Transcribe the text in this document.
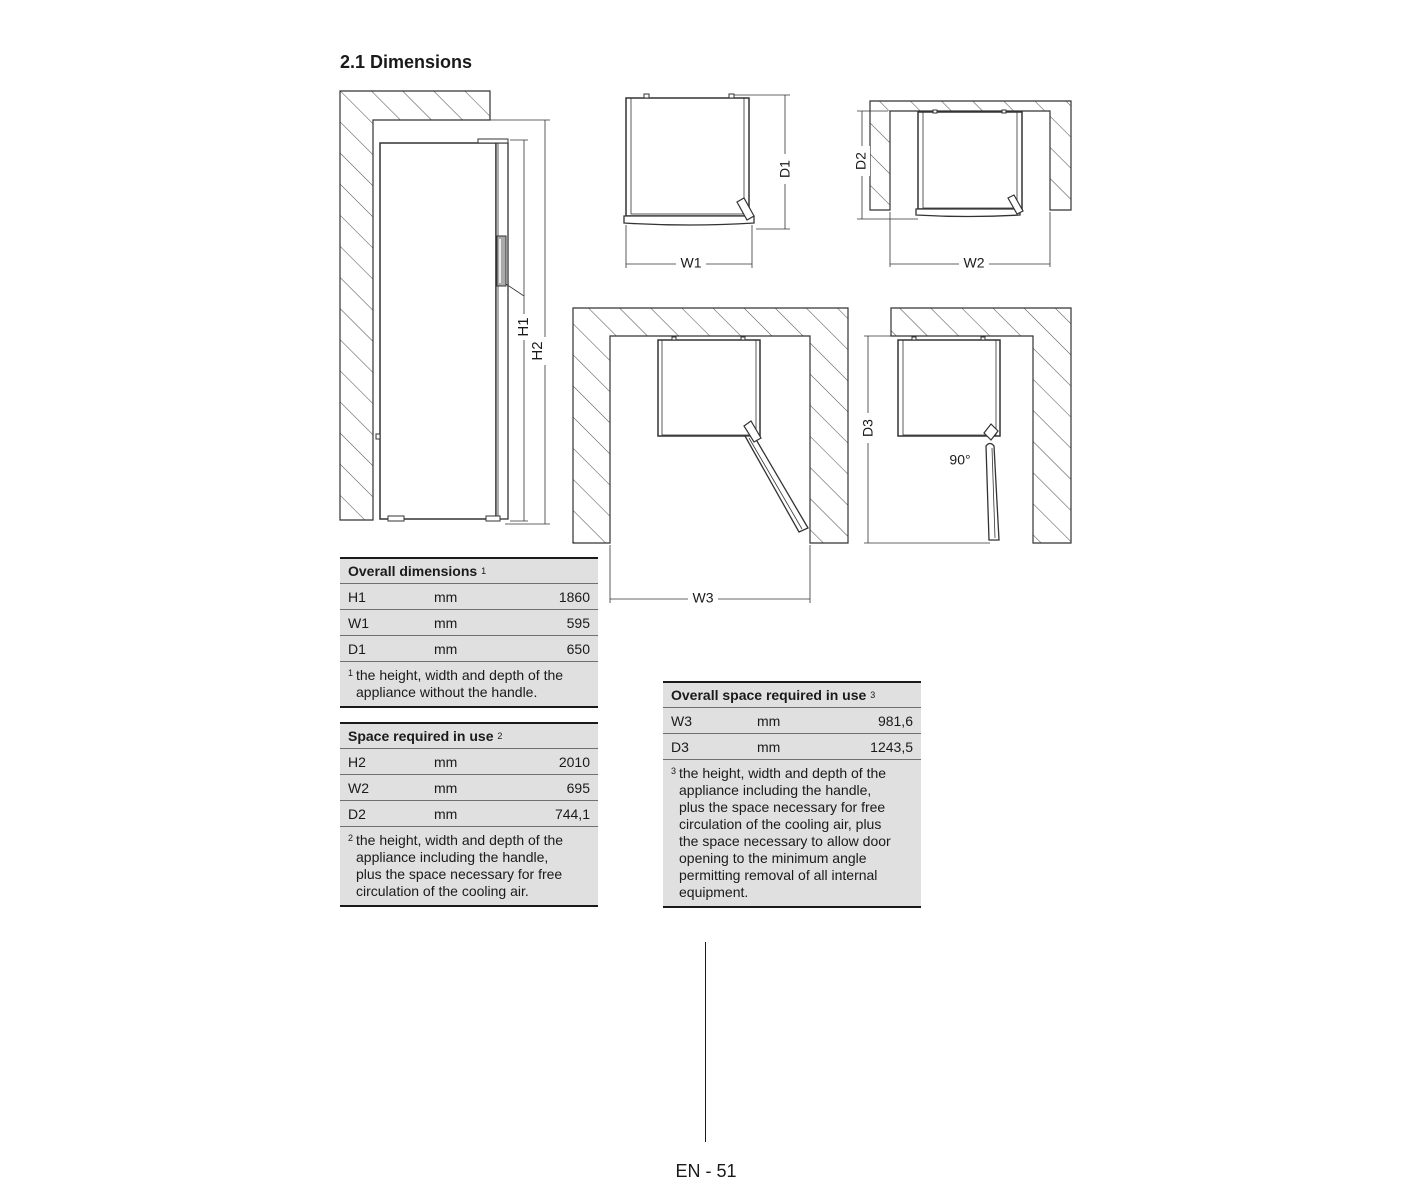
2.1 Dimensions
H1
H2
W1
D1
W2
D2
W3
D3
90°
Overall dimensions
1
H1	mm	1860
W1	mm	595
D1	mm	650
1 the height, width and depth of the appliance without the handle.
Space required in use
2
H2	mm	2010
W2	mm	695
D2	mm	744,1
2 the height, width and depth of the appliance including the handle, plus the space necessary for free circulation of the cooling air.
Overall space required in use
3
W3	mm	981,6
D3	mm	1243,5
3 the height, width and depth of the appliance including the handle, plus the space necessary for free circulation of the cooling air, plus the space necessary to allow door opening to the minimum angle permitting removal of all internal equipment.
EN - 51
